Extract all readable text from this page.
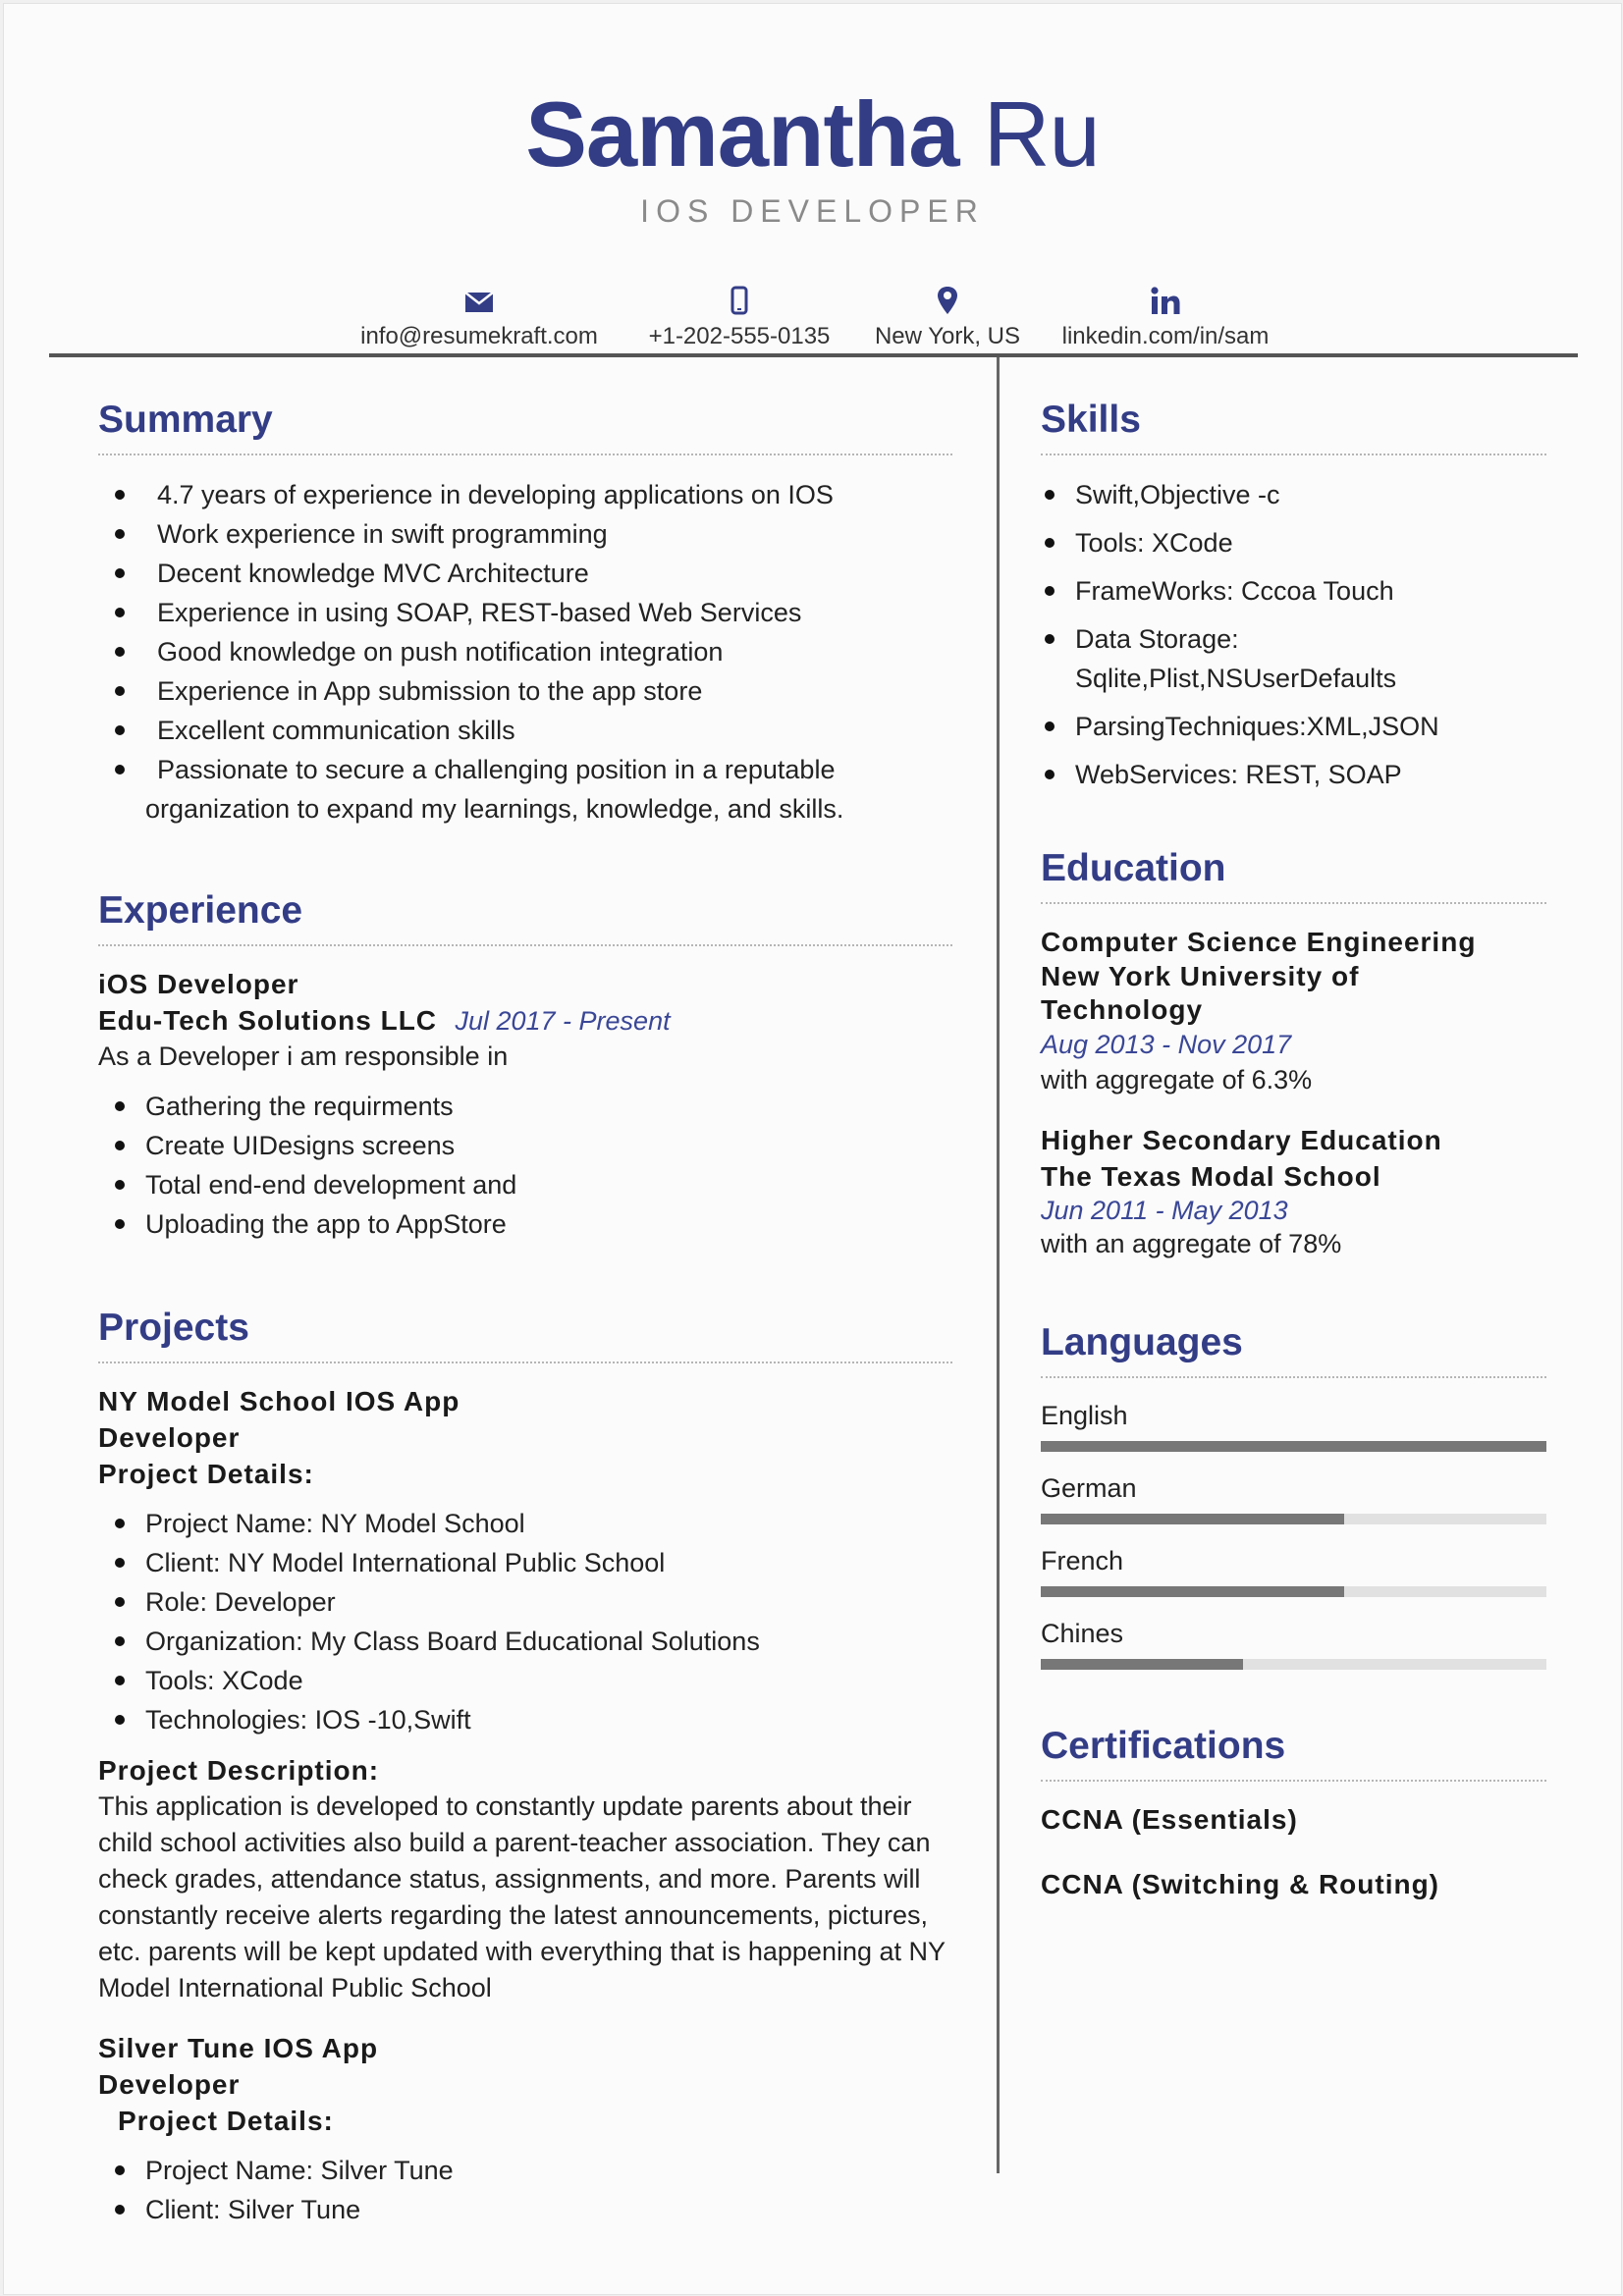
Samantha Ru
IOS DEVELOPER
info@resumekraft.com	+1-202-555-0135	New York, US	linkedin.com/in/sam
Summary
4.7 years of experience in developing applications on IOS
Work experience in swift programming
Decent knowledge MVC Architecture
Experience in using SOAP, REST-based Web Services
Good knowledge on push notification integration
Experience in App submission to the app store
Excellent communication skills
Passionate to secure a challenging position in a reputable organization to expand my learnings, knowledge, and skills.
Experience
iOS Developer
Edu-Tech Solutions LLC Jul 2017 - Present
As a Developer i am responsible in
Gathering the requirments
Create UIDesigns screens
Total end-end development and
Uploading the app to AppStore
Projects
NY Model School IOS App
Developer
Project Details:
Project Name: NY Model School
Client: NY Model International Public School
Role: Developer
Organization: My Class Board Educational Solutions
Tools: XCode
Technologies: IOS -10,Swift
Project Description:
This application is developed to constantly update parents about their child school activities also build a parent-teacher association. They can check grades, attendance status, assignments, and more. Parents will constantly receive alerts regarding the latest announcements, pictures, etc. parents will be kept updated with everything that is happening at NY Model International Public School
Silver Tune IOS App
Developer
Project Details:
Project Name: Silver Tune
Client: Silver Tune
Skills
Swift,Objective -c
Tools: XCode
FrameWorks: Cccoa Touch
Data Storage: Sqlite,Plist,NSUserDefaults
ParsingTechniques:XML,JSON
WebServices: REST, SOAP
Education
Computer Science Engineering
New York University of Technology
Aug 2013 - Nov 2017
with aggregate of 6.3%
Higher Secondary Education
The Texas Modal School
Jun 2011 - May 2013
with an aggregate of 78%
Languages
English
German
French
Chines
Certifications
CCNA (Essentials)
CCNA (Switching & Routing)
